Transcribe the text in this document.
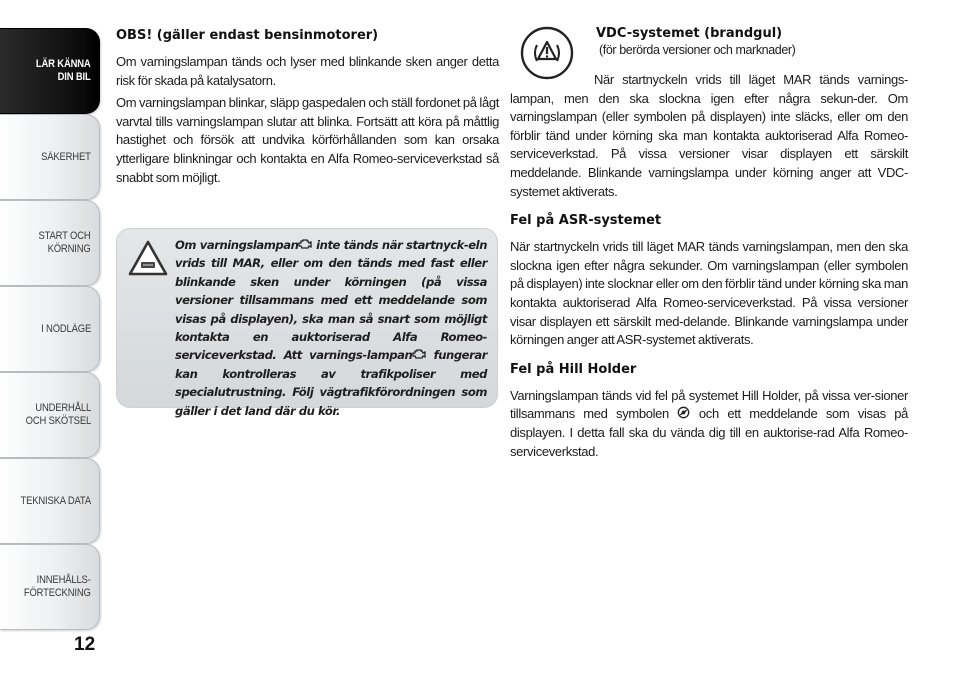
LÄR KÄNNA
DIN BIL
SÄKERHET
START OCH
KÖRNING
I NÖDLÄGE
UNDERHÅLL
OCH SKÖTSEL
TEKNISKA DATA
INNEHÅLLS-
FÖRTECKNING
12
OBS! (gäller endast bensinmotorer)

Om varningslampan tänds och lyser med blinkande sken anger detta risk för skada på katalysatorn.

Om varningslampan blinkar, släpp gaspedalen och ställ fordonet på lågt varvtal tills varningslampan slutar att blinka. Fortsätt att köra på måttlig hastighet och försök att undvika körförhållanden som kan orsaka ytterligare blinkningar och kontakta en Alfa Romeo-serviceverkstad så snabbt som möjligt.

Om varningslampan inte tänds när startnyck-eln vrids till MAR, eller om den tänds med fast eller blinkande sken under körningen (på vissa versioner tillsammans med ett meddelande som visas på displayen), ska man så snart som möjligt kontakta en auktoriserad Alfa Romeo-serviceverkstad. Att varnings-lampan fungerar kan kontrolleras av trafikpoliser med specialutrustning. Följ vägtrafikförordningen som gäller i det land där du kör.
VDC-systemet (brandgul)
(för berörda versioner och marknader)

När startnyckeln vrids till läget MAR tänds varnings-lampan, men den ska slockna igen efter några sekun-der. Om varningslampan (eller symbolen på displayen) inte släcks, eller om den förblir tänd under körning ska man kontakta auktoriserad Alfa Romeo-serviceverkstad. På vissa versioner visar displayen ett särskilt meddelande. Blinkande varningslampa under körning anger att VDC-systemet aktiverats.

Fel på ASR-systemet

När startnyckeln vrids till läget MAR tänds varningslampan, men den ska slockna igen efter några sekunder. Om varningslampan (eller symbolen på displayen) inte slocknar eller om den förblir tänd under körning ska man kontakta auktoriserad Alfa Romeo-serviceverkstad. På vissa versioner visar displayen ett särskilt med-delande. Blinkande varningslampa under körningen anger att ASR-systemet aktiverats.

Fel på Hill Holder

Varningslampan tänds vid fel på systemet Hill Holder, på vissa ver-sioner tillsammans med symbolen  och ett meddelande som visas på displayen. I detta fall ska du vända dig till en auktorise-rad Alfa Romeo-serviceverkstad.
